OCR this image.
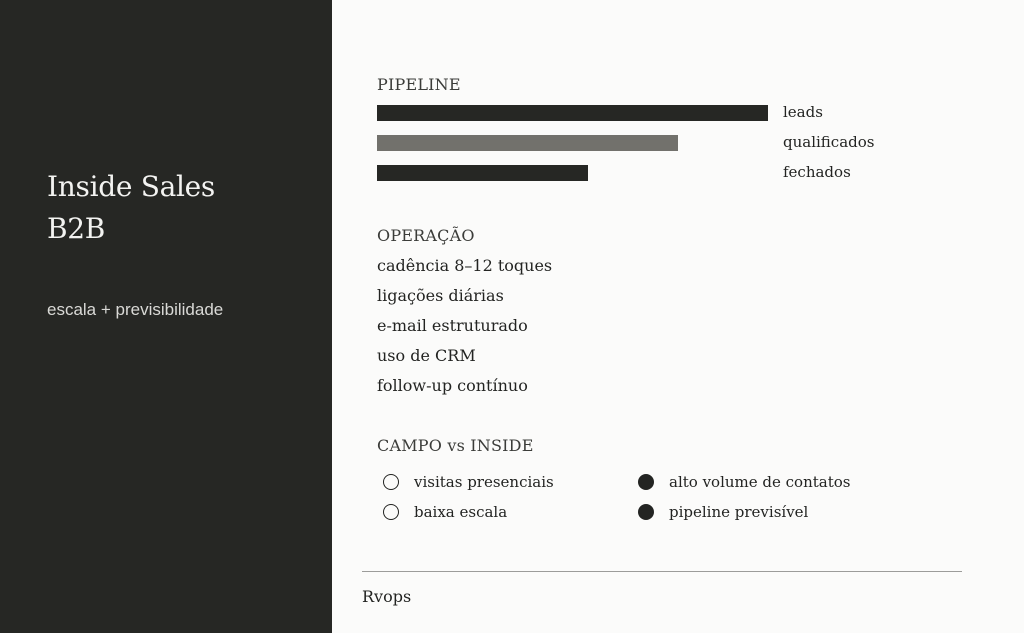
Inside Sales
B2B
escala + previsibilidade
PIPELINE
leads
qualificados
fechados
OPERAÇÃO
cadência 8–12 toques
ligações diárias
e-mail estruturado
uso de CRM
follow-up contínuo
CAMPO vs INSIDE
visitas presenciais
baixa escala
alto volume de contatos
pipeline previsível
Rvops
